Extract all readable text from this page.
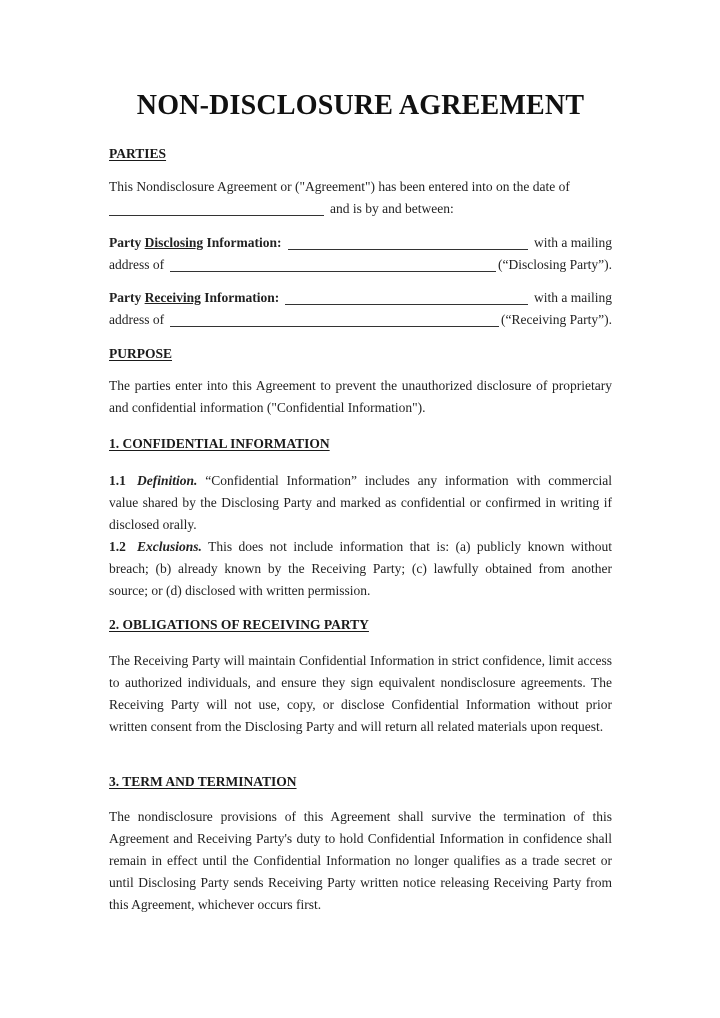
NON-DISCLOSURE AGREEMENT
PARTIES
This Nondisclosure Agreement or ("Agreement") has been entered into on the date of
and is by and between:
Party
Disclosing
Information:	with a mailing
address of	(“Disclosing Party”).
Party
Receiving
Information:	with a mailing
address of	(“Receiving Party”).
PURPOSE
The parties enter into this Agreement to prevent the unauthorized disclosure of proprietary and confidential information ("Confidential Information").
1. CONFIDENTIAL INFORMATION
1.1 Definition. “Confidential Information” includes any information with commercial value shared by the Disclosing Party and marked as confidential or confirmed in writing if disclosed orally.
1.2 Exclusions. This does not include information that is: (a) publicly known without breach; (b) already known by the Receiving Party; (c) lawfully obtained from another source; or (d) disclosed with written permission.
2. OBLIGATIONS OF RECEIVING PARTY
The Receiving Party will maintain Confidential Information in strict confidence, limit access to authorized individuals, and ensure they sign equivalent nondisclosure agreements. The Receiving Party will not use, copy, or disclose Confidential Information without prior written consent from the Disclosing Party and will return all related materials upon request.
3. TERM AND TERMINATION
The nondisclosure provisions of this Agreement shall survive the termination of this Agreement and Receiving Party's duty to hold Confidential Information in confidence shall remain in effect until the Confidential Information no longer qualifies as a trade secret or until Disclosing Party sends Receiving Party written notice releasing Receiving Party from this Agreement, whichever occurs first.
